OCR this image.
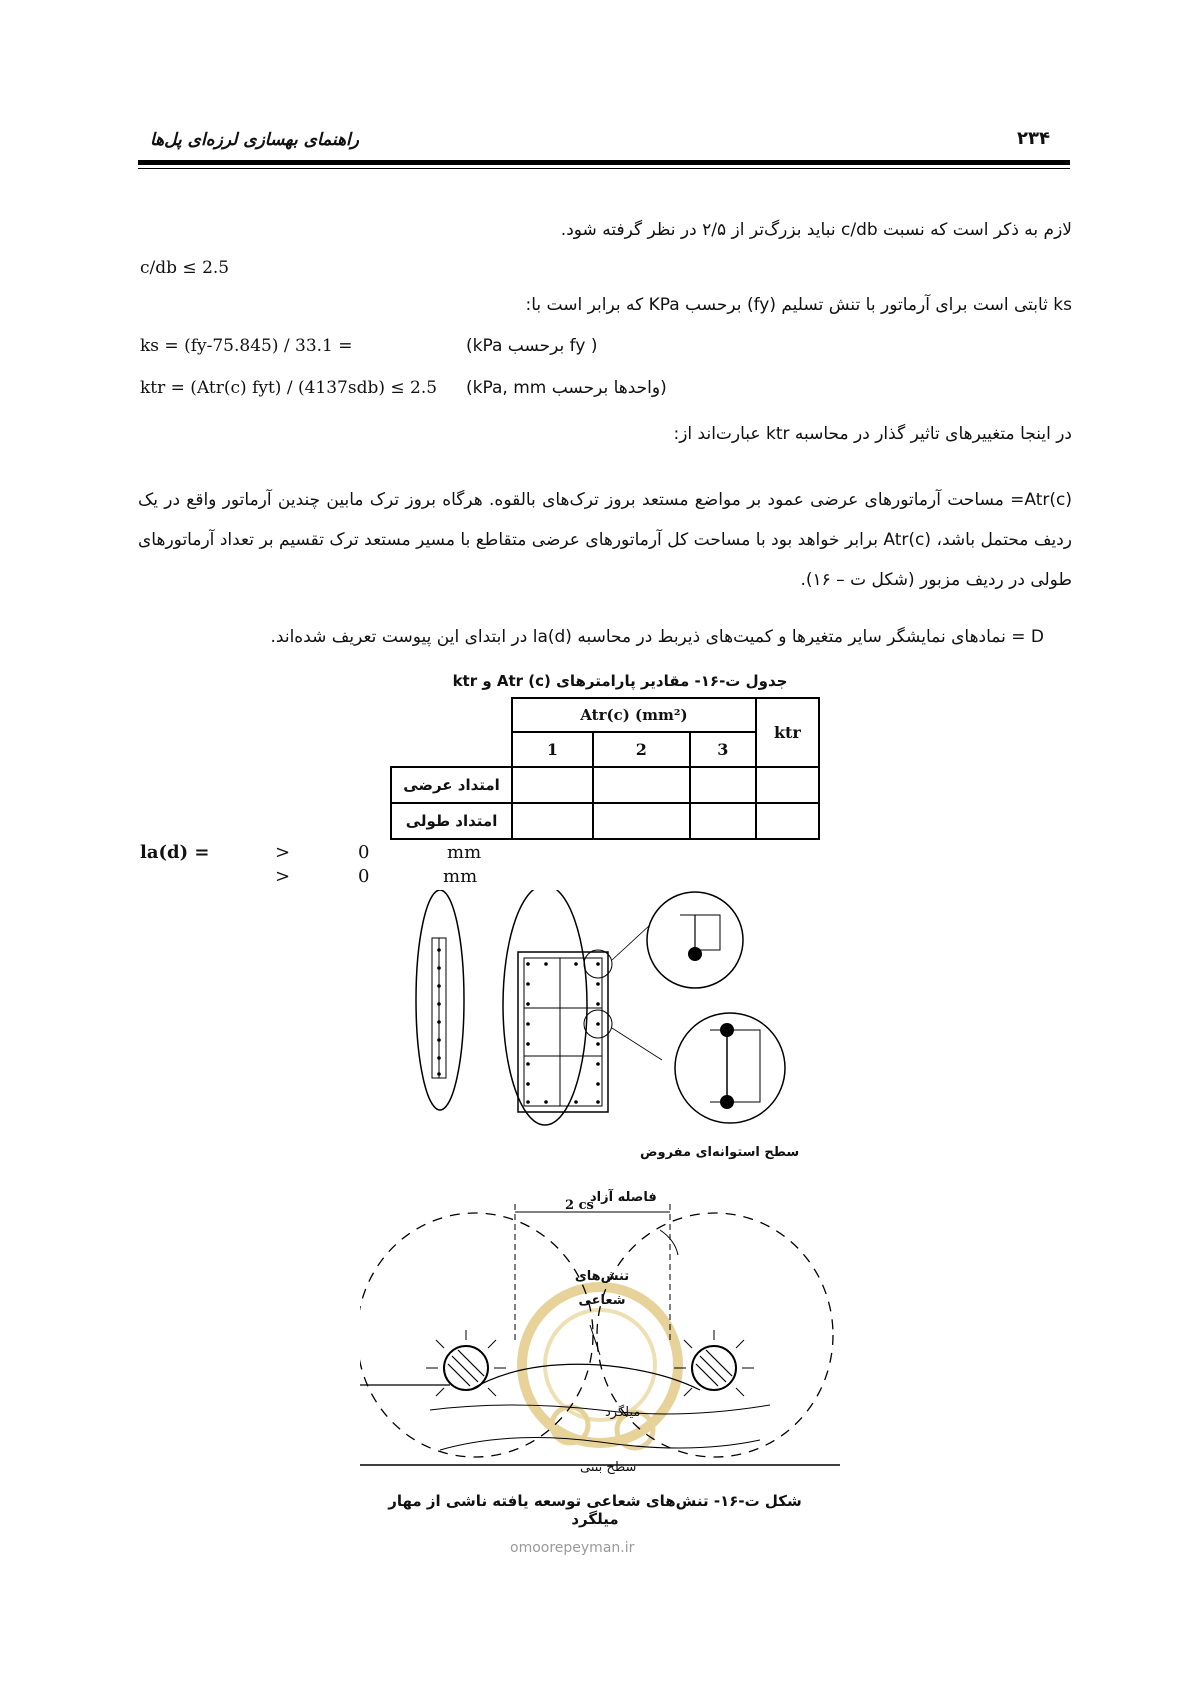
راهنمای بهسازی لرزه‌ای پل‌ها	۲۳۴
لازم به ذکر است که نسبت c/db نباید بزرگ‌تر از ۲/۵ در نظر گرفته شود.
c/db ≤ 2.5
ks ثابتی است برای آرماتور با تنش تسلیم (fy) برحسب KPa که برابر است با:
ks = (fy-75.845) / 33.1 =	(kPa برحسب fy )
ktr = (Atr(c) fyt) / (4137sdb) ≤ 2.5 (kPa, mm واحدها برحسب)
در اینجا متغییرهای تاثیر گذار در محاسبه ktr عبارت‌اند از:
Atr(c)= مساحت آرماتورهای عرضی عمود بر مواضع مستعد بروز ترک‌های بالقوه. هرگاه بروز ترک مابین چندین آرماتور واقع در یک ردیف محتمل باشد، Atr(c) برابر خواهد بود با مساحت کل آرماتورهای عرضی متقاطع با مسیر مستعد ترک تقسیم بر تعداد آرماتورهای طولی در ردیف مزبور (شکل ت – ۱۶).
D = نمادهای نمایشگر سایر متغیرها و کمیت‌های ذیربط در محاسبه la(d) در ابتدای این پیوست تعریف شده‌اند.
جدول ت-۱۶- مقادیر پارامترهای Atr (c) و ktr
	Atr(c) (mm²)			ktr
	1	2	3	
امتداد عرضی				
امتداد طولی				
la(d) =	>	0	mm
>	0	mm
سطح استوانه‌ای مفروض
فاصله آزاد
2 cs
تنش‌های شعاعی
میلگرد
سطح بتنی
شکل ت-۱۶- تنش‌های شعاعی توسعه یافته ناشی از مهار میلگرد
omoorepeyman.ir
